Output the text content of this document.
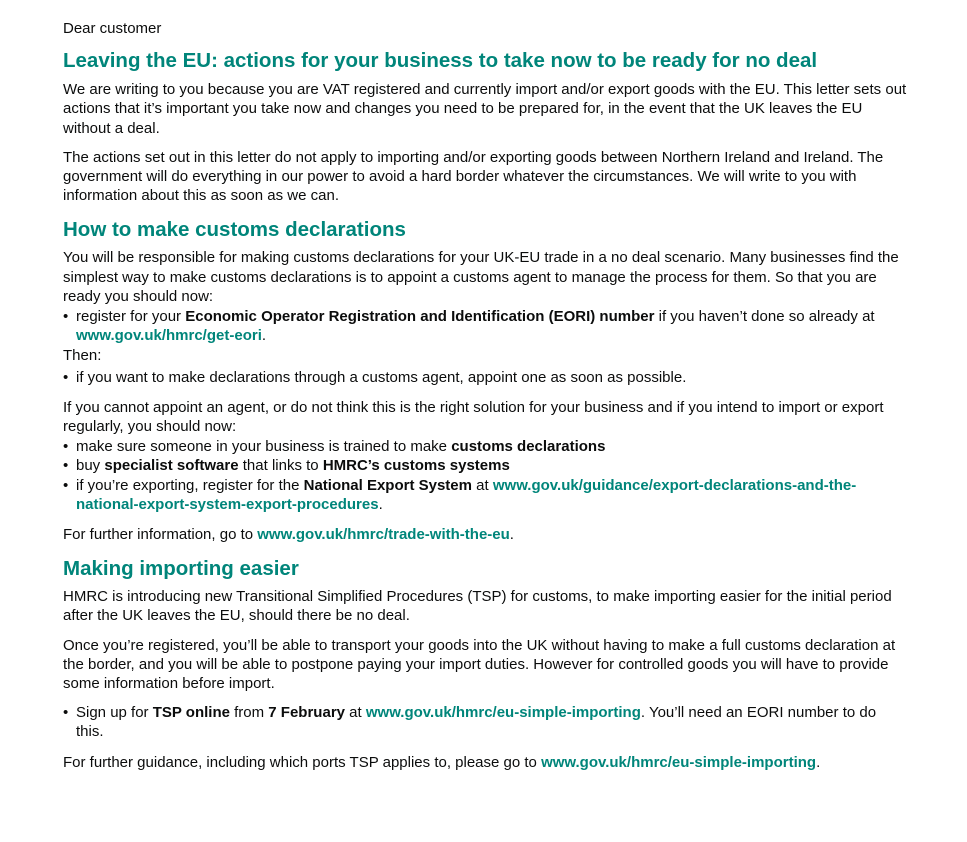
Dear customer

Leaving the EU: actions for your business to take now to be ready for no deal

We are writing to you because you are VAT registered and currently import and/or export goods with the EU. This letter sets out actions that it’s important you take now and changes you need to be prepared for, in the event that the UK leaves the EU without a deal.

The actions set out in this letter do not apply to importing and/or exporting goods between Northern Ireland and Ireland. The government will do everything in our power to avoid a hard border whatever the circumstances. We will write to you with information about this as soon as we can.

How to make customs declarations

You will be responsible for making customs declarations for your UK-EU trade in a no deal scenario. Many businesses find the simplest way to make customs declarations is to appoint a customs agent to manage the process for them. So that you are ready you should now:

• register for your Economic Operator Registration and Identification (EORI) number if you haven’t done so already at www.gov.uk/hmrc/get-eori.

Then:

• if you want to make declarations through a customs agent, appoint one as soon as possible.

If you cannot appoint an agent, or do not think this is the right solution for your business and if you intend to import or export regularly, you should now:

• make sure someone in your business is trained to make customs declarations
• buy specialist software that links to HMRC’s customs systems
• if you’re exporting, register for the National Export System at www.gov.uk/guidance/export-declarations-and-the-national-export-system-export-procedures.

For further information, go to www.gov.uk/hmrc/trade-with-the-eu.

Making importing easier

HMRC is introducing new Transitional Simplified Procedures (TSP) for customs, to make importing easier for the initial period after the UK leaves the EU, should there be no deal.

Once you’re registered, you’ll be able to transport your goods into the UK without having to make a full customs declaration at the border, and you will be able to postpone paying your import duties. However for controlled goods you will have to provide some information before import.

• Sign up for TSP online from 7 February at www.gov.uk/hmrc/eu-simple-importing. You’ll need an EORI number to do this.

For further guidance, including which ports TSP applies to, please go to www.gov.uk/hmrc/eu-simple-importing.
